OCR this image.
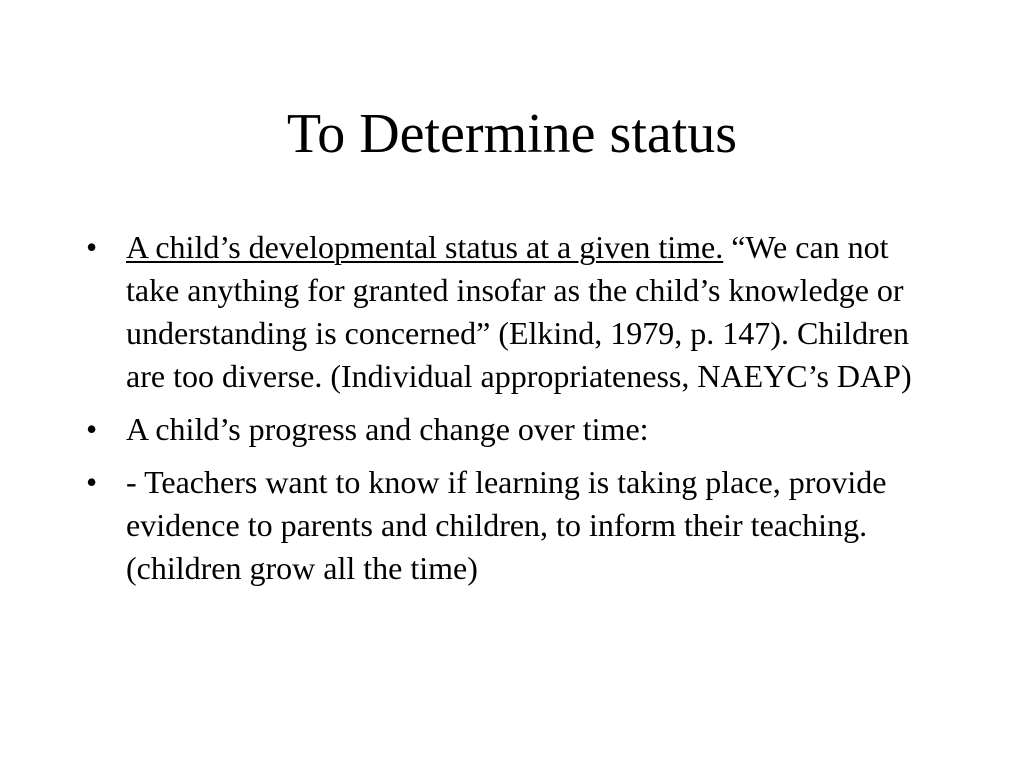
To Determine status
• A child’s developmental status at a given time. “We can not take anything for granted insofar as the child’s knowledge or understanding is concerned” (Elkind, 1979, p. 147). Children are too diverse. (Individual appropriateness, NAEYC’s DAP)
• A child’s progress and change over time:
• - Teachers want to know if learning is taking place, provide evidence to parents and children, to inform their teaching. (children grow all the time)
